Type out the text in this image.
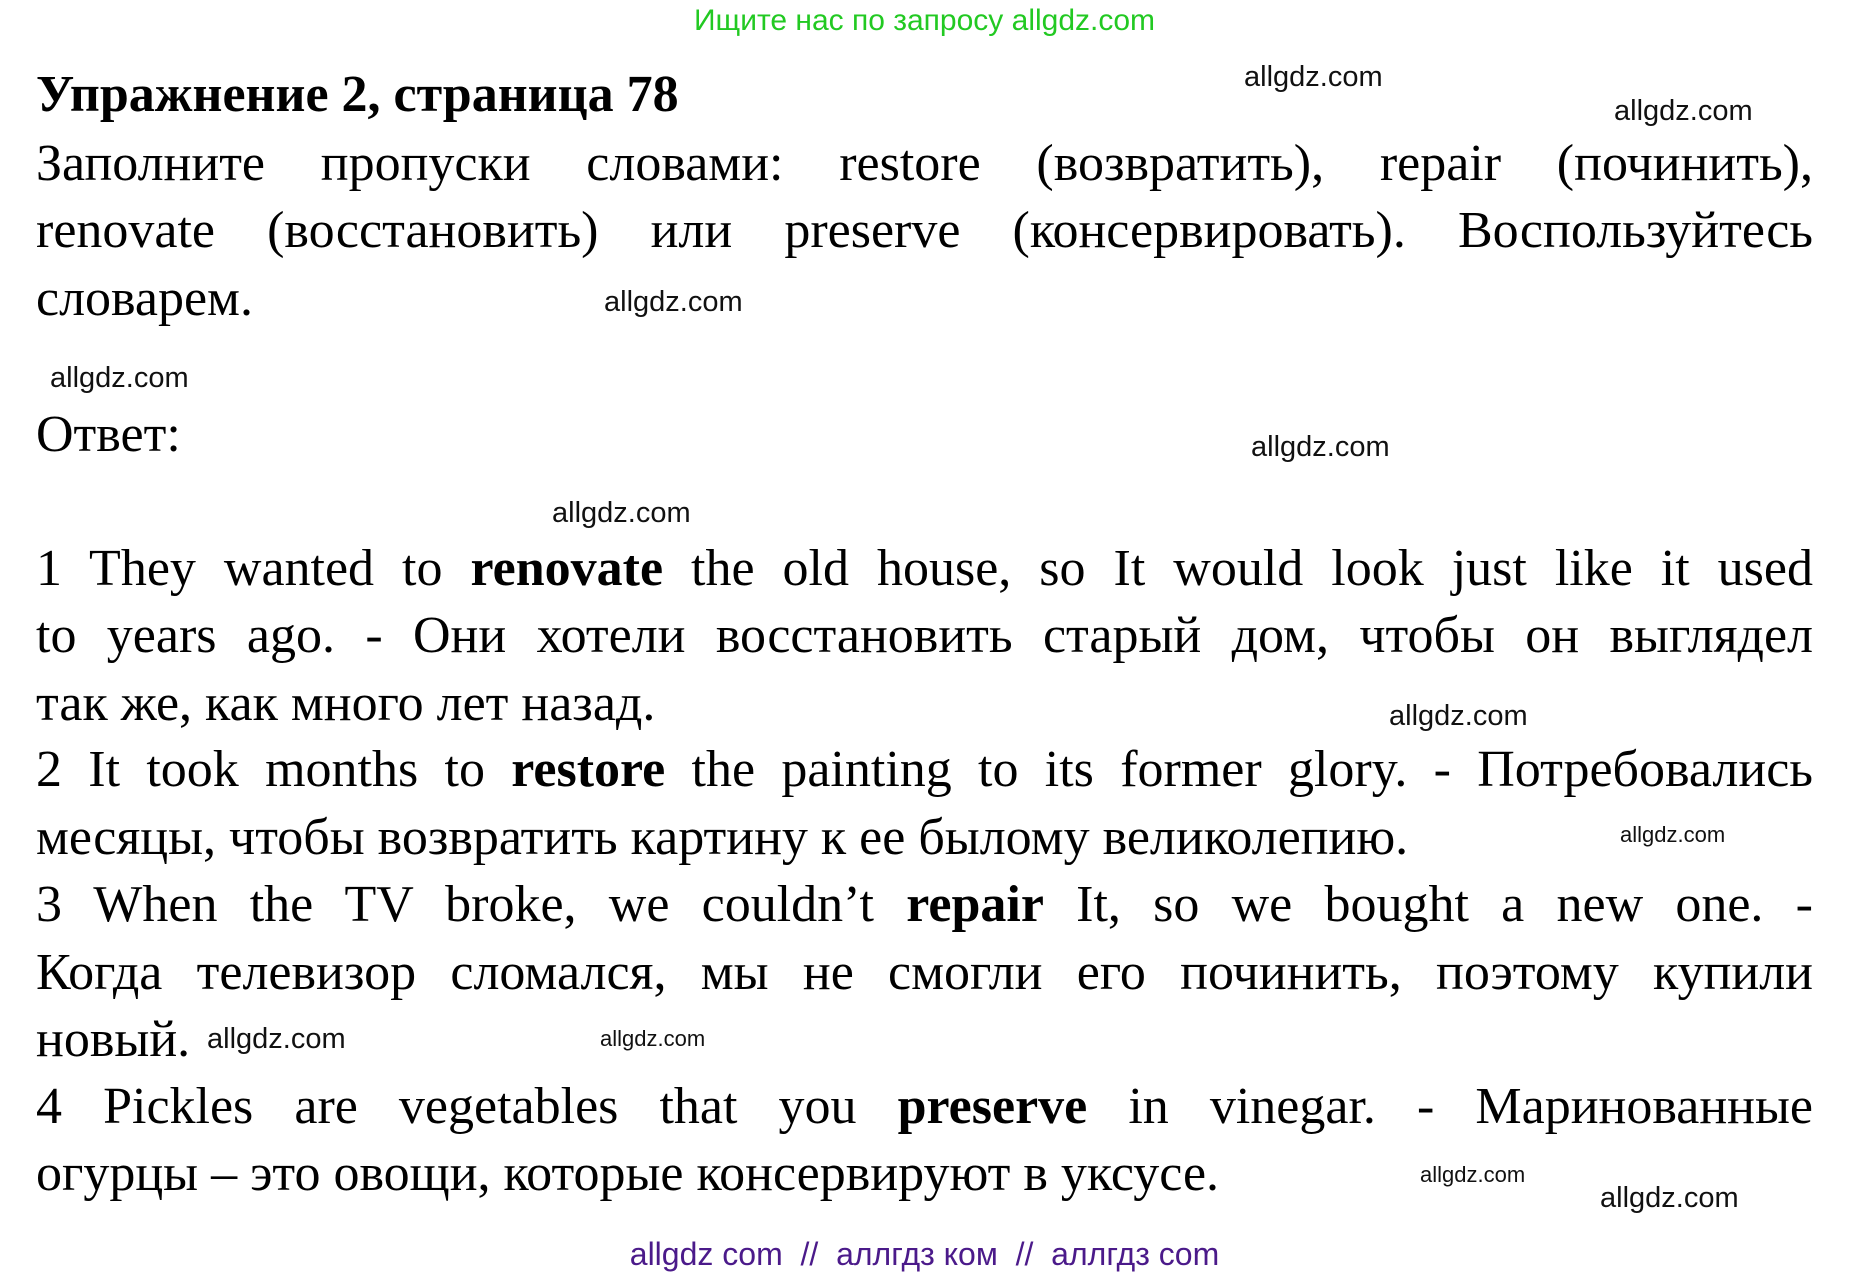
Ищите нас по запросу allgdz.com
Упражнение 2, страница 78
Заполните пропуски словами: restore (возвратить), repair (починить),
renovate (восстановить) или preserve (консервировать). Воспользуйтесь
словарем.
Ответ:
1 They wanted to renovate the old house, so It would look just like it used
to years ago. - Они хотели восстановить старый дом, чтобы он выглядел
так же, как много лет назад.
2 It took months to restore the painting to its former glory. - Потребовались
месяцы, чтобы возвратить картину к ее былому великолепию.
3 When the TV broke, we couldn’t repair It, so we bought a new one. -
Когда телевизор сломался, мы не смогли его починить, поэтому купили
новый.
4 Pickles are vegetables that you preserve in vinegar. - Маринованные
огурцы – это овощи, которые консервируют в уксусе.
allgdz.com
allgdz.com
allgdz.com
allgdz.com
allgdz.com
allgdz.com
allgdz.com
allgdz.com
allgdz.com
allgdz.com
allgdz.com
allgdz.com
allgdz com  //  аллгдз ком  //  аллгдз com
